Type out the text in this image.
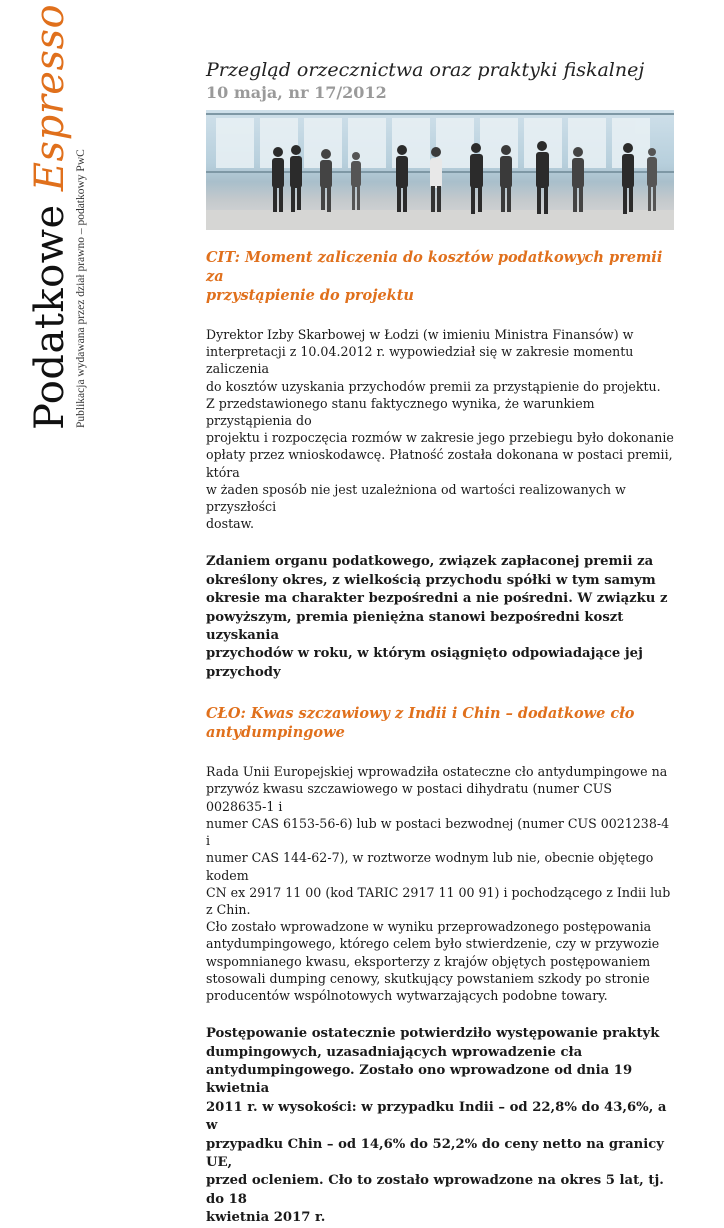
Podatkowe Espresso
Publikacja wydawana przez dział prawno – podatkowy PwC

Przegląd orzecznictwa oraz praktyki fiskalnej

10 maja, nr 17/2012

CIT: Moment zaliczenia do kosztów podatkowych premii za
przystąpienie do projektu

Dyrektor Izby Skarbowej w Łodzi (w imieniu Ministra Finansów) w
interpretacji z 10.04.2012 r. wypowiedział się w zakresie momentu zaliczenia
do kosztów uzyskania przychodów premii za przystąpienie do projektu.
Z przedstawionego stanu faktycznego wynika, że warunkiem przystąpienia do
projektu i rozpoczęcia rozmów w zakresie jego przebiegu było dokonanie
opłaty przez wnioskodawcę. Płatność została dokonana w postaci premii, która
w żaden sposób nie jest uzależniona od wartości realizowanych w przyszłości
dostaw.

Zdaniem organu podatkowego, związek zapłaconej premii za
określony okres, z wielkością przychodu spółki w tym samym
okresie ma charakter bezpośredni a nie pośredni. W związku z
powyższym, premia pieniężna stanowi bezpośredni koszt uzyskania
przychodów w roku, w którym osiągnięto odpowiadające jej
przychody

CŁO: Kwas szczawiowy z Indii i Chin – dodatkowe cło
antydumpingowe

Rada Unii Europejskiej wprowadziła ostateczne cło antydumpingowe na
przywóz kwasu szczawiowego w postaci dihydratu (numer CUS 0028635-1 i
numer CAS 6153-56-6) lub w postaci bezwodnej (numer CUS 0021238-4 i
numer CAS 144-62-7), w roztworze wodnym lub nie, obecnie objętego kodem
CN ex 2917 11 00 (kod TARIC 2917 11 00 91) i pochodzącego z Indii lub z Chin.
Cło zostało wprowadzone w wyniku przeprowadzonego postępowania
antydumpingowego, którego celem było stwierdzenie, czy w przywozie
wspomnianego kwasu, eksporterzy z krajów objętych postępowaniem
stosowali dumping cenowy, skutkujący powstaniem szkody po stronie
producentów wspólnotowych wytwarzających podobne towary.

Postępowanie ostatecznie potwierdziło występowanie praktyk
dumpingowych, uzasadniających wprowadzenie cła
antydumpingowego. Zostało ono wprowadzone od dnia 19 kwietnia
2011 r. w wysokości: w przypadku Indii – od 22,8% do 43,6%, a w
przypadku Chin – od 14,6% do 52,2% do ceny netto na granicy UE,
przed ocleniem. Cło to zostało wprowadzone na okres 5 lat, tj. do 18
kwietnia 2017 r.
